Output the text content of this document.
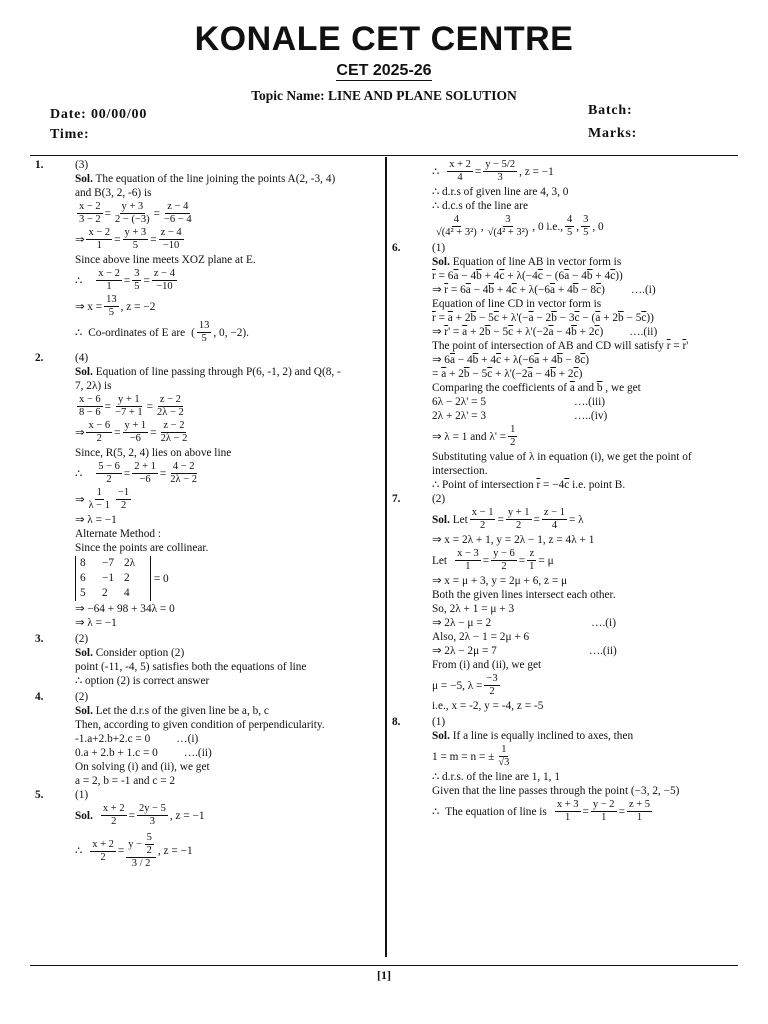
KONALE CET CENTRE
CET 2025-26
Topic Name: LINE AND PLANE SOLUTION
Date: 00/00/00
Time:
Batch:
Marks:
1.	(3)
Sol. The equation of the line joining the points A(2, -3, 4)
and B(3, 2, -6) is
x − 2
3 − 2 =
y + 3
2 − (−3) =
z − 4
−6 − 4
⇒
x − 2
1 =
y + 3
5 =
z − 4
−10
Since above line meets XOZ plane at E.
∴
x − 2
1 =
3
5 =
z − 4
−10
⇒ x =
13
5 , z = −2
∴ Co-ordinates of E are (
13
5 , 0, −2).
2.	(4)
Sol. Equation of line passing through P(6, -1, 2) and Q(8, -
7, 2λ) is
x − 6
8 − 6 =
y + 1
−7 + 1 =
z − 2
2λ − 2
⇒
x − 6
2 =
y + 1
−6 =
z − 2
2λ − 2
Since, R(5, 2, 4) lies on above line
∴
5 − 6
2 =
2 + 1
−6 =
4 − 2
2λ − 2
⇒
1
λ − 1
−1
2
⇒ λ = −1
Alternate Method :
Since the points are collinear.
8	−7 2λ
6	−1 2
5	2	4
= 0
⇒ −64 + 98 + 34λ = 0
⇒ λ = −1
3.	(2)
Sol. Consider option (2)
point (-11, -4, 5) satisfies both the equations of line
∴ option (2) is correct answer
4.	(2)
Sol. Let the d.r.s of the given line be a, b, c
Then, according to given condition of perpendicularity.
-1.a+2.b+2.c = 0 …(i)
0.a + 2.b + 1.c = 0 ….(ii)
On solving (i) and (ii), we get
a = 2, b = -1 and c = 2
5.	(1)
Sol.
x + 2
2 =
2y − 5
3 , z = −1
∴
x + 2
2 =
$y - \frac{5}{2}$
3 / 2
, z = −1
∴
x + 2
4 =
y − 5/2
3 , z = −1
∴ d.r.s of given line are 4, 3, 0
∴ d.c.s of the line are
4
√(4² + 3²) ,
3
√(4² + 3²) , 0 i.e.,
4
5 ,
3
5 , 0
6.	(1)
Sol. Equation of line AB in vector form is
$\overline{r} = 6\overline{a} - 4\overline{b} + 4\overline{c} + \lambda(-4\overline{c} - (6\overline{a} - 4\overline{b} + 4\overline{c}))$
⇒ $\overline{r} = 6\overline{a} - 4\overline{b} + 4\overline{c} + \lambda(-6\overline{a} + 4\overline{b} - 8\overline{c})$ ….(i)
Equation of line CD in vector form is
$\overline{r} = \overline{a} + 2\overline{b} - 5\overline{c} + \lambda'(-\overline{a} - 2\overline{b} - 3\overline{c} - (\overline{a} + 2\overline{b} - 5\overline{c}))$
⇒ $\overline{r}' = \overline{a} + 2\overline{b} - 5\overline{c} + \lambda'(-2\overline{a} - 4\overline{b} + 2\overline{c})$ ….(ii)
The point of intersection of AB and CD will satisfy $\overline{r} = \overline{r}'$
⇒ $6\overline{a} - 4\overline{b} + 4\overline{c} + \lambda(-6\overline{a} + 4\overline{b} - 8\overline{c})$
= $\overline{a} + 2\overline{b} - 5\overline{c} + \lambda'(-2\overline{a} - 4\overline{b} + 2\overline{c})$
Comparing the coefficients of $\overline{a}$ and $\overline{b}$ , we get
6λ − 2λ' = 5	….(iii)
2λ + 2λ' = 3	…..(iv)
⇒ λ = 1 and λ' =
1
2
Substituting value of λ in equation (i), we get the point of
intersection.
∴ Point of intersection $\overline{r} = -4\overline{c}$ i.e. point B.
7.	(2)
Sol. Let
x − 1
2 =
y + 1
2 =
z − 1
4 = λ
⇒ x = 2λ + 1, y = 2λ − 1, z = 4λ + 1
Let
x − 3
1 =
y − 6
2 =
z
1 = μ
⇒ x = μ + 3, y = 2μ + 6, z = μ
Both the given lines intersect each other.
So, 2λ + 1 = μ + 3
⇒ 2λ − μ = 2	….(i)
Also, 2λ − 1 = 2μ + 6
⇒ 2λ − 2μ = 7	….(ii)
From (i) and (ii), we get
μ = −5, λ =
−3
2
i.e., x = -2, y = -4, z = -5
8.	(1)
Sol. If a line is equally inclined to axes, then
1 = m = n = ±
1
√3
∴ d.r.s. of the line are 1, 1, 1
Given that the line passes through the point (−3, 2, −5)
∴ The equation of line is
x + 3
1 =
y − 2
1 =
z + 5
1
[1]
